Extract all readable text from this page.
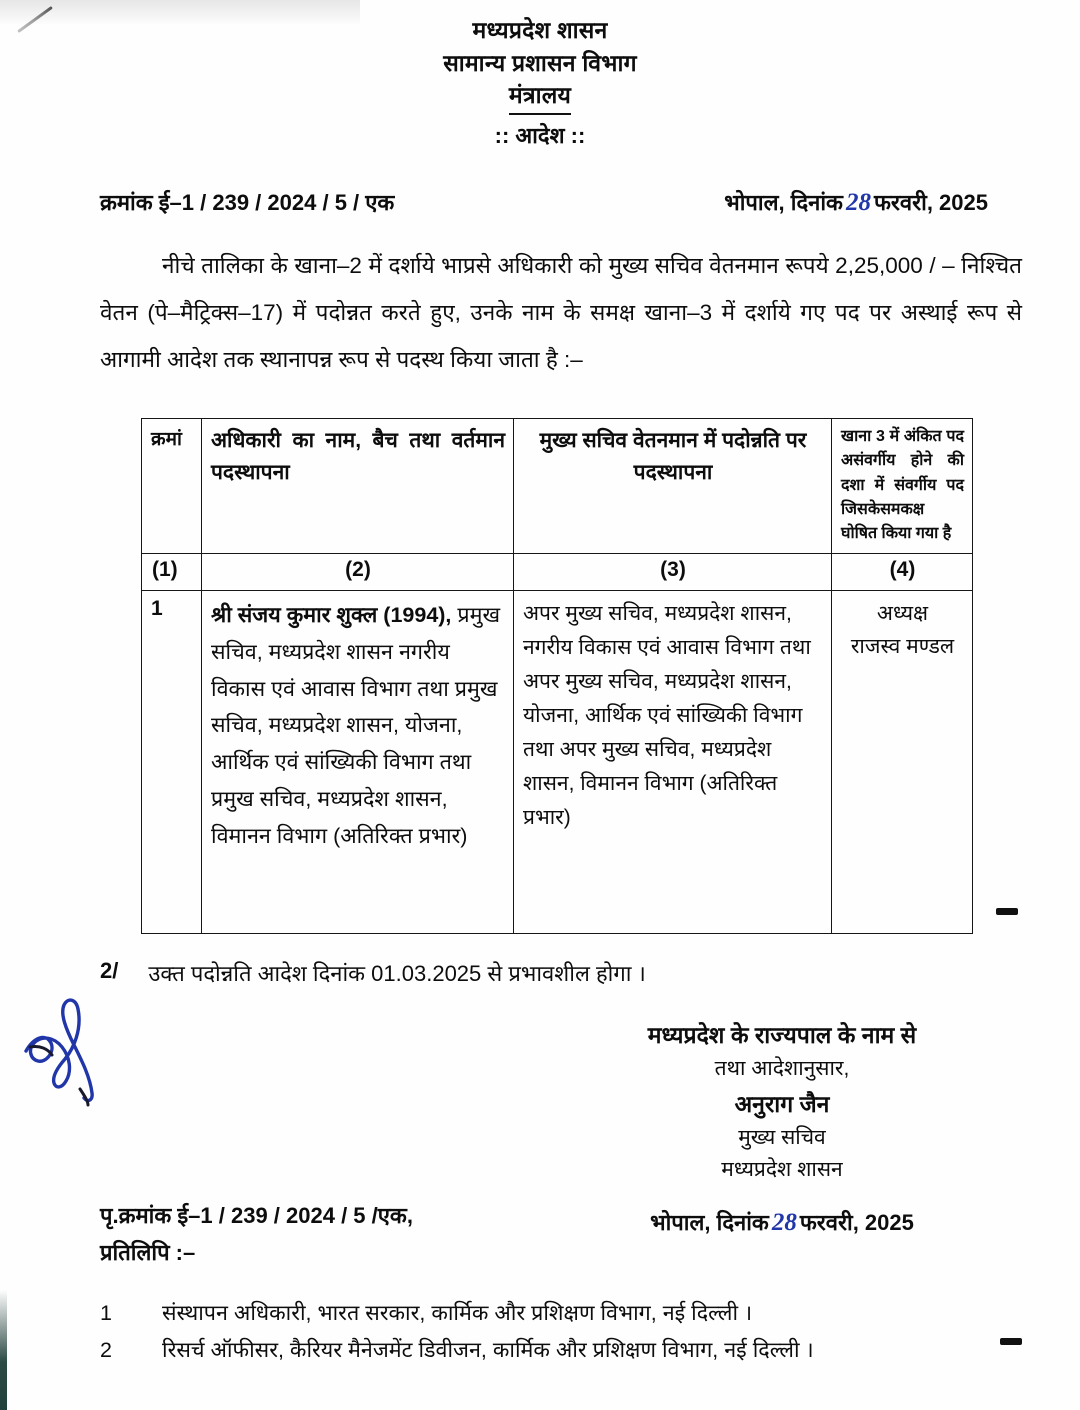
मध्यप्रदेश शासन
सामान्य प्रशासन विभाग
मंत्रालय
:: आदेश ::
क्रमांक ई–1 / 239 / 2024 / 5 / एक	भोपाल, दिनांक 28 फरवरी, 2025
नीचे तालिका के खाना–2 में दर्शाये भाप्रसे अधिकारी को मुख्य सचिव वेतनमान रूपये 2,25,000 / – निश्चित वेतन (पे–मैट्रिक्स–17) में पदोन्नत करते हुए, उनके नाम के समक्ष खाना–3 में दर्शाये गए पद पर अस्थाई रूप से आगामी आदेश तक स्थानापन्न रूप से पदस्थ किया जाता है :–
क्रमां	अधिकारी का नाम, बैच तथा वर्तमान पदस्थापना	मुख्य सचिव वेतनमान में पदोन्नति पर पदस्थापना	खाना 3 में अंकित पद असंवर्गीय होने की दशा में संवर्गीय पद जिसकेसमकक्ष घोषित किया गया है

(1)	(2)	(3)	(4)

1	श्री संजय कुमार शुक्ल (1994), प्रमुख सचिव, मध्यप्रदेश शासन नगरीय विकास एवं आवास विभाग तथा प्रमुख सचिव, मध्यप्रदेश शासन, योजना, आर्थिक एवं सांख्यिकी विभाग तथा प्रमुख सचिव, मध्यप्रदेश शासन, विमानन विभाग (अतिरिक्त प्रभार)	अपर मुख्य सचिव, मध्यप्रदेश शासन, नगरीय विकास एवं आवास विभाग तथा अपर मुख्य सचिव, मध्यप्रदेश शासन, योजना, आर्थिक एवं सांख्यिकी विभाग तथा अपर मुख्य सचिव, मध्यप्रदेश शासन, विमानन विभाग (अतिरिक्त प्रभार)	अध्यक्ष
राजस्व मण्डल
2/ उक्त पदोन्नति आदेश दिनांक 01.03.2025 से प्रभावशील होगा ।
मध्यप्रदेश के राज्यपाल के नाम से
तथा आदेशानुसार,
अनुराग जैन
मुख्य सचिव
मध्यप्रदेश शासन
भोपाल, दिनांक 28 फरवरी, 2025
पृ.क्रमांक ई–1 / 239 / 2024 / 5 /एक,
प्रतिलिपि :–
1	संस्थापन अधिकारी, भारत सरकार, कार्मिक और प्रशिक्षण विभाग, नई दिल्ली ।
2	रिसर्च ऑफीसर, कैरियर मैनेजमेंट डिवीजन, कार्मिक और प्रशिक्षण विभाग, नई दिल्ली ।
